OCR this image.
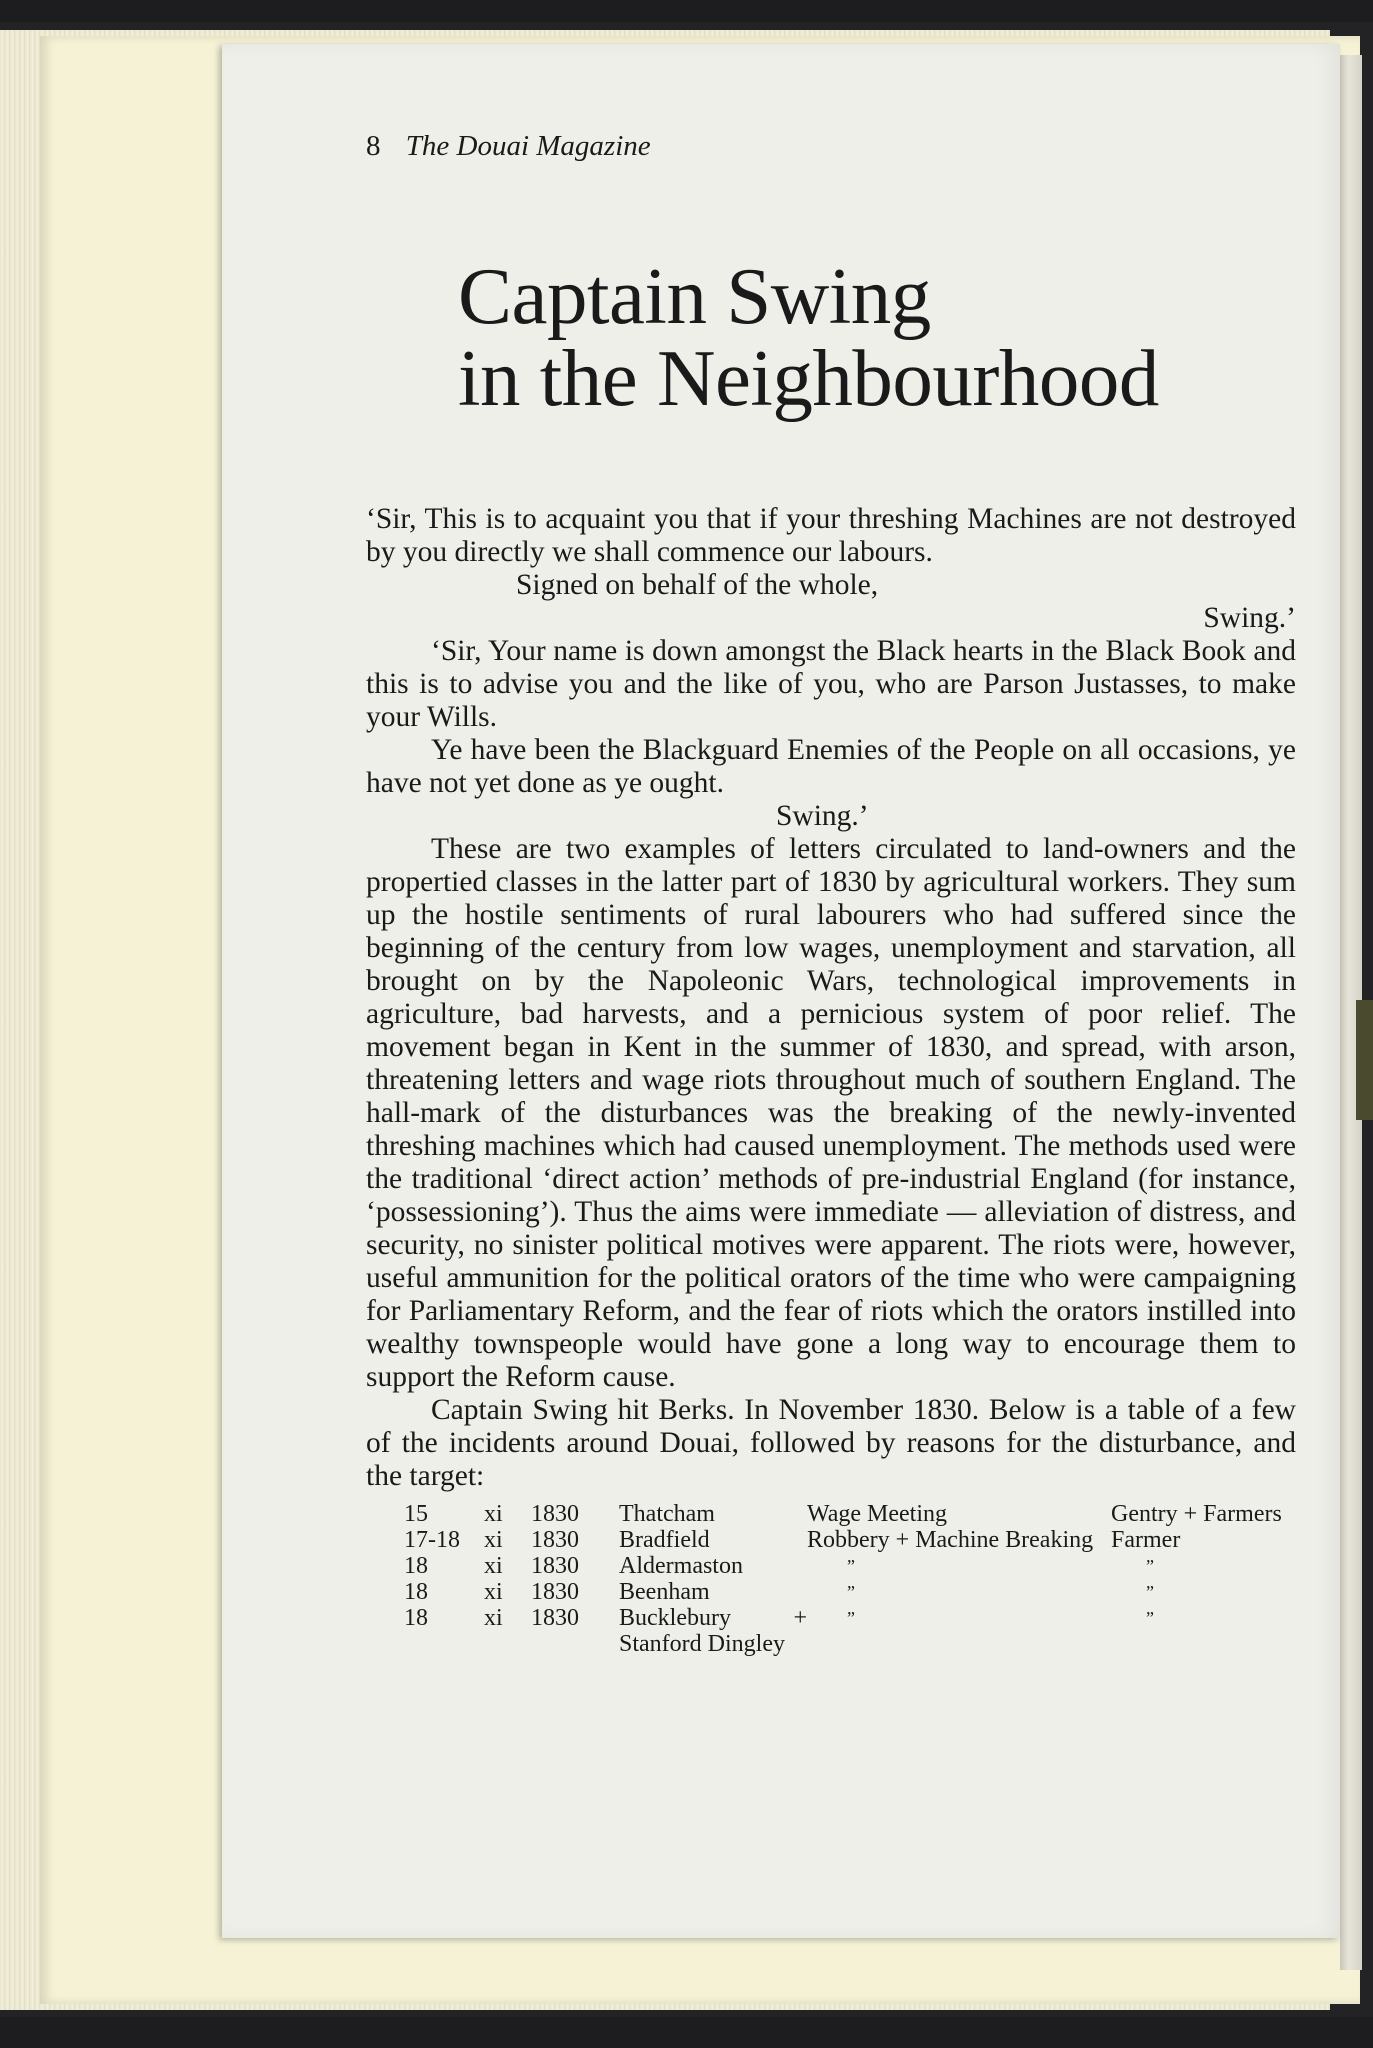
8 The Douai Magazine
Captain Swing
in the Neighbourhood

‘Sir, This is to acquaint you that if your threshing Machines are not destroyed by you directly we shall commence our labours.

Signed on behalf of the whole,

Swing.’

‘Sir, Your name is down amongst the Black hearts in the Black Book and this is to advise you and the like of you, who are Parson Justasses, to make your Wills.

Ye have been the Blackguard Enemies of the People on all occasions, ye have not yet done as ye ought.

Swing.’

These are two examples of letters circulated to land-owners and the propertied classes in the latter part of 1830 by agricultural workers. They sum up the hostile sentiments of rural labourers who had suffered since the beginning of the century from low wages, unemployment and starvation, all brought on by the Napoleonic Wars, technological improvements in agriculture, bad harvests, and a pernicious system of poor relief. The movement began in Kent in the summer of 1830, and spread, with arson, threatening letters and wage riots throughout much of southern England. The hall-mark of the disturbances was the breaking of the newly-invented threshing machines which had caused unemployment. The methods used were the traditional ‘direct action’ methods of pre-industrial England (for instance, ‘possessioning’). Thus the aims were immediate — alleviation of distress, and security, no sinister political motives were apparent. The riots were, however, useful ammunition for the political orators of the time who were campaigning for Parliamentary Reform, and the fear of riots which the orators instilled into wealthy townspeople would have gone a long way to encourage them to support the Reform cause.

Captain Swing hit Berks. In November 1830. Below is a table of a few of the incidents around Douai, followed by reasons for the disturbance, and the target:

15	xi	1830	Thatcham	Wage Meeting	Gentry + Farmers
17-18	xi	1830	Bradfield	Robbery + Machine Breaking	Farmer
18	xi	1830	Aldermaston	”	”
18	xi	1830	Beenham	”	”
18	xi	1830	Bucklebury + Stanford Dingley	”	”
